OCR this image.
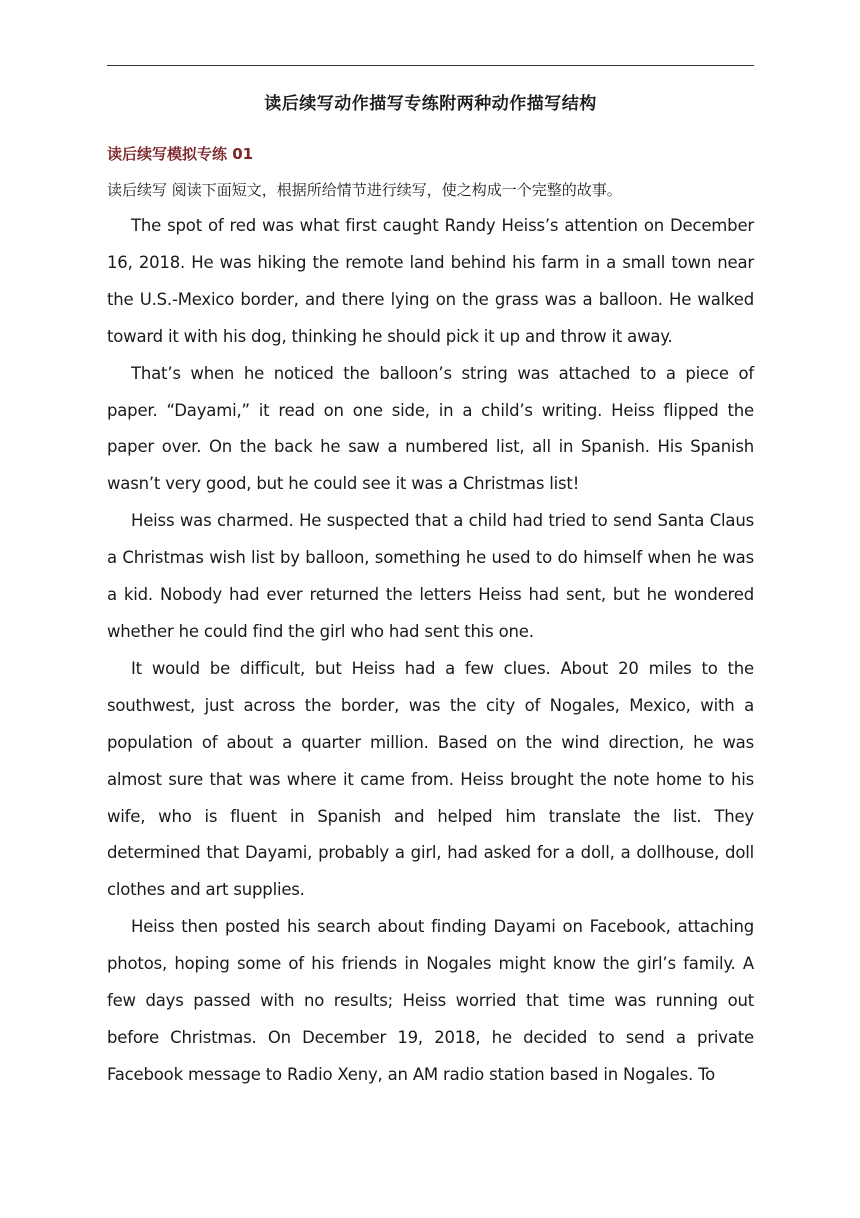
读后续写动作描写专练附两种动作描写结构
读后续写模拟专练 01
读后续写 阅读下面短文，根据所给情节进行续写，使之构成一个完整的故事。

The spot of red was what first caught Randy Heiss’s attention on December 16, 2018. He was hiking the remote land behind his farm in a small town near the U.S.-Mexico border, and there lying on the grass was a balloon. He walked toward it with his dog, thinking he should pick it up and throw it away.

That’s when he noticed the balloon’s string was attached to a piece of paper. “Dayami,” it read on one side, in a child’s writing. Heiss flipped the paper over. On the back he saw a numbered list, all in Spanish. His Spanish wasn’t very good, but he could see it was a Christmas list!

Heiss was charmed. He suspected that a child had tried to send Santa Claus a Christmas wish list by balloon, something he used to do himself when he was a kid. Nobody had ever returned the letters Heiss had sent, but he wondered whether he could find the girl who had sent this one.

It would be difficult, but Heiss had a few clues. About 20 miles to the southwest, just across the border, was the city of Nogales, Mexico, with a population of about a quarter million. Based on the wind direction, he was almost sure that was where it came from. Heiss brought the note home to his wife, who is fluent in Spanish and helped him translate the list. They determined that Dayami, probably a girl, had asked for a doll, a dollhouse, doll clothes and art supplies.

Heiss then posted his search about finding Dayami on Facebook, attaching photos, hoping some of his friends in Nogales might know the girl’s family. A few days passed with no results; Heiss worried that time was running out before Christmas. On December 19, 2018, he decided to send a private Facebook message to Radio Xeny, an AM radio station based in Nogales. To
